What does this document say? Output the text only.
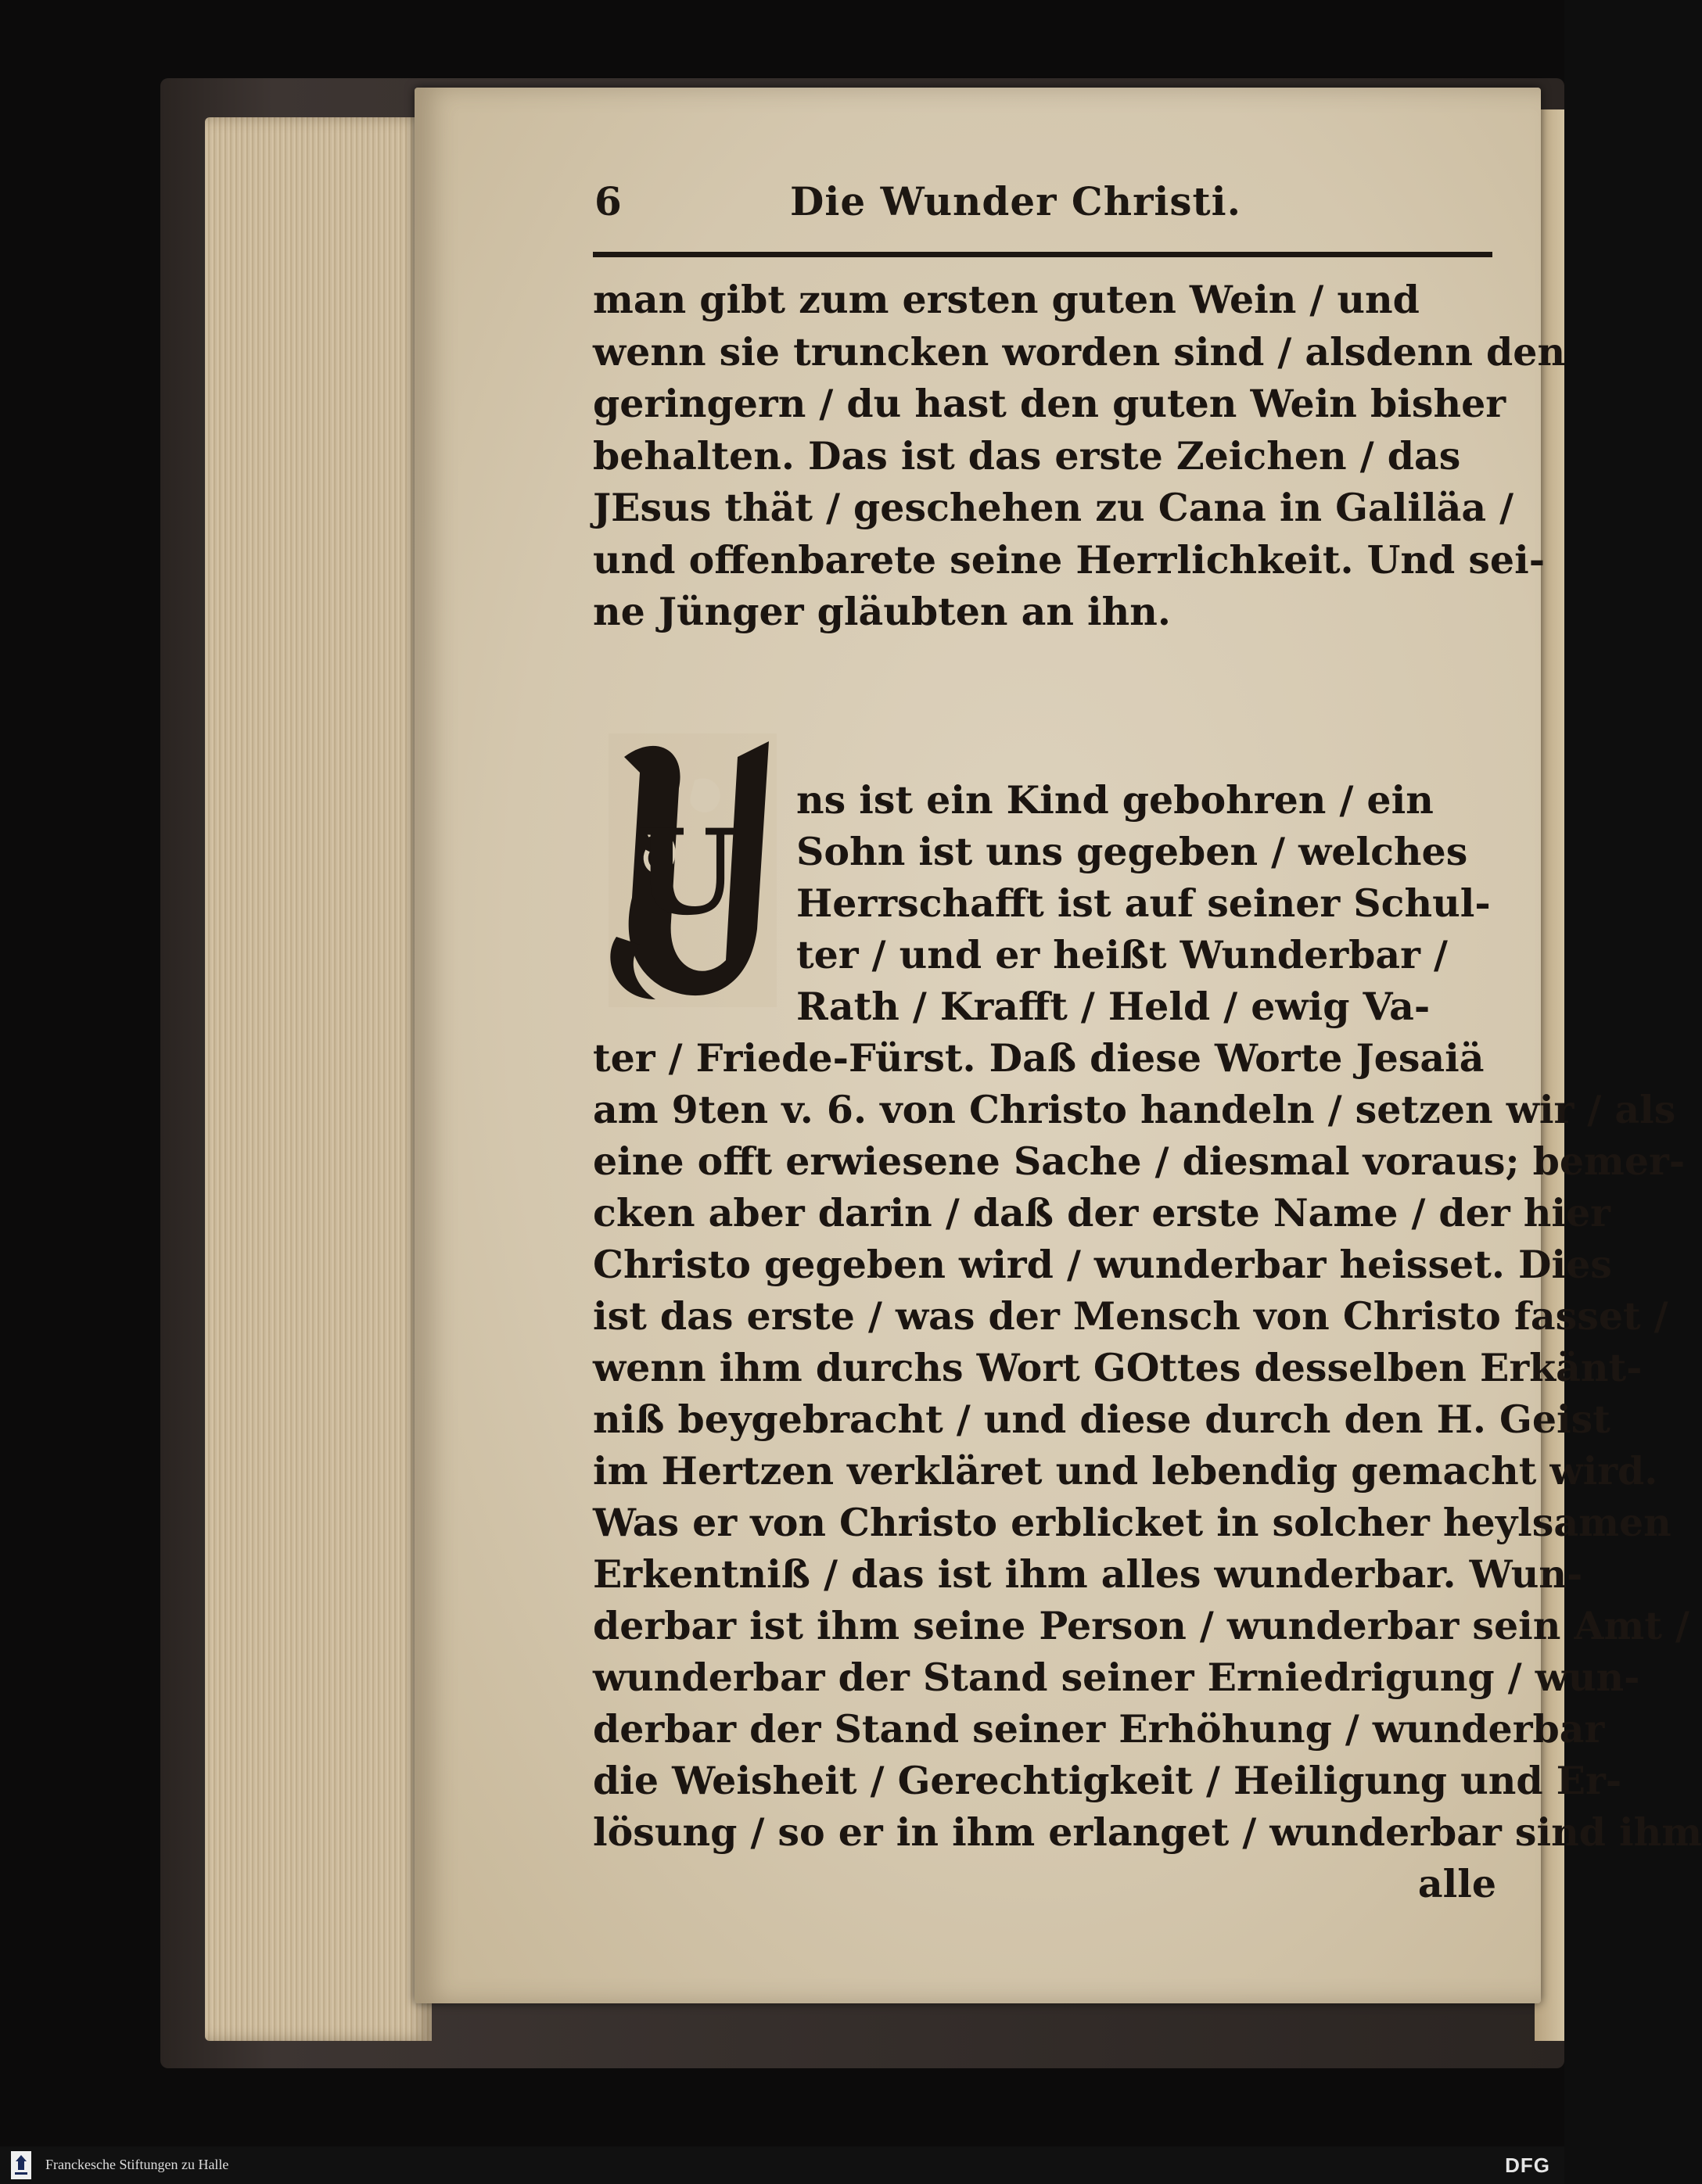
6	Die Wunder Christi.
man gibt zum ersten guten Wein / und
wenn sie truncken worden sind / alsdenn den
geringern / du hast den guten Wein bisher
behalten. Das ist das erste Zeichen / das
JEsus thät / geschehen zu Cana in Galiläa /
und offenbarete seine Herrlichkeit. Und sei-
ne Jünger gläubten an ihn.
U
ns ist ein Kind gebohren / ein
Sohn ist uns gegeben / welches
Herrschafft ist auf seiner Schul-
ter / und er heißt Wunderbar /
Rath / Krafft / Held / ewig Va-
ter / Friede-Fürst. Daß diese Worte Jesaiä
am 9ten v. 6. von Christo handeln / setzen wir / als
eine offt erwiesene Sache / diesmal voraus; bemer-
cken aber darin / daß der erste Name / der hier
Christo gegeben wird / wunderbar heisset. Dies
ist das erste / was der Mensch von Christo fasset /
wenn ihm durchs Wort GOttes desselben Erkänt-
niß beygebracht / und diese durch den H. Geist
im Hertzen verkläret und lebendig gemacht wird.
Was er von Christo erblicket in solcher heylsamen
Erkentniß / das ist ihm alles wunderbar. Wun-
derbar ist ihm seine Person / wunderbar sein Amt /
wunderbar der Stand seiner Erniedrigung / wun-
derbar der Stand seiner Erhöhung / wunderbar
die Weisheit / Gerechtigkeit / Heiligung und Er-
lösung / so er in ihm erlanget / wunderbar sind ihm
alle
Franckesche Stiftungen zu Halle	DFG
